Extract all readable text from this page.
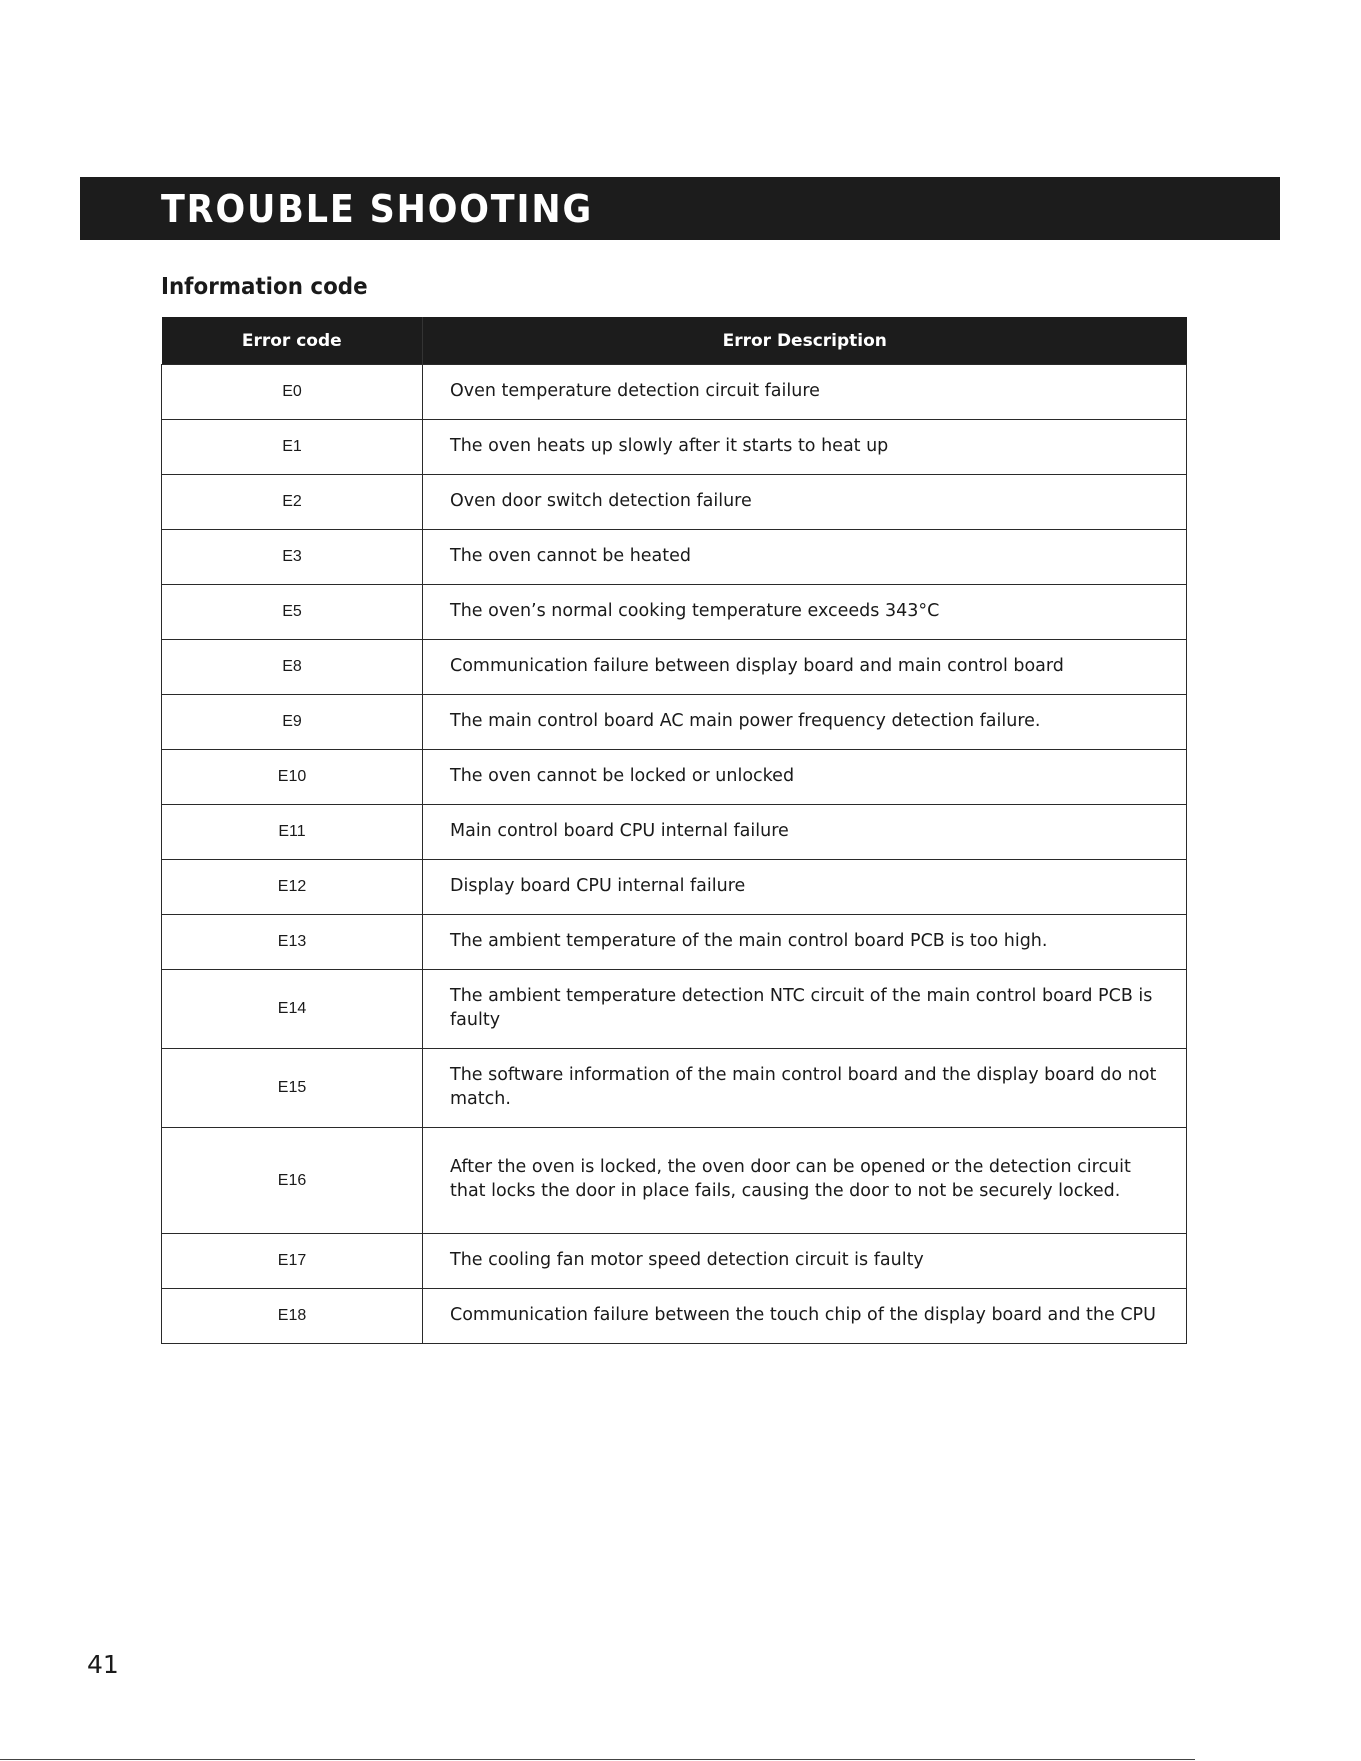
TROUBLE SHOOTING
Information code
Error code	Error Description
E0	Oven temperature detection circuit failure

E1	The oven heats up slowly after it starts to heat up

E2	Oven door switch detection failure

E3	The oven cannot be heated

E5	The oven’s normal cooking temperature exceeds 343°C

E8	Communication failure between display board and main control board

E9	The main control board AC main power frequency detection failure.

E10	The oven cannot be locked or unlocked

E11	Main control board CPU internal failure

E12	Display board CPU internal failure

E13	The ambient temperature of the main control board PCB is too high.

E14	The ambient temperature detection NTC circuit of the main control board PCB is faulty

E15	The software information of the main control board and the display board do not match.

E16	After the oven is locked, the oven door can be opened or the detection circuit that locks the door in place fails, causing the door to not be securely locked.

E17	The cooling fan motor speed detection circuit is faulty

E18	Communication failure between the touch chip of the display board and the CPU
41
